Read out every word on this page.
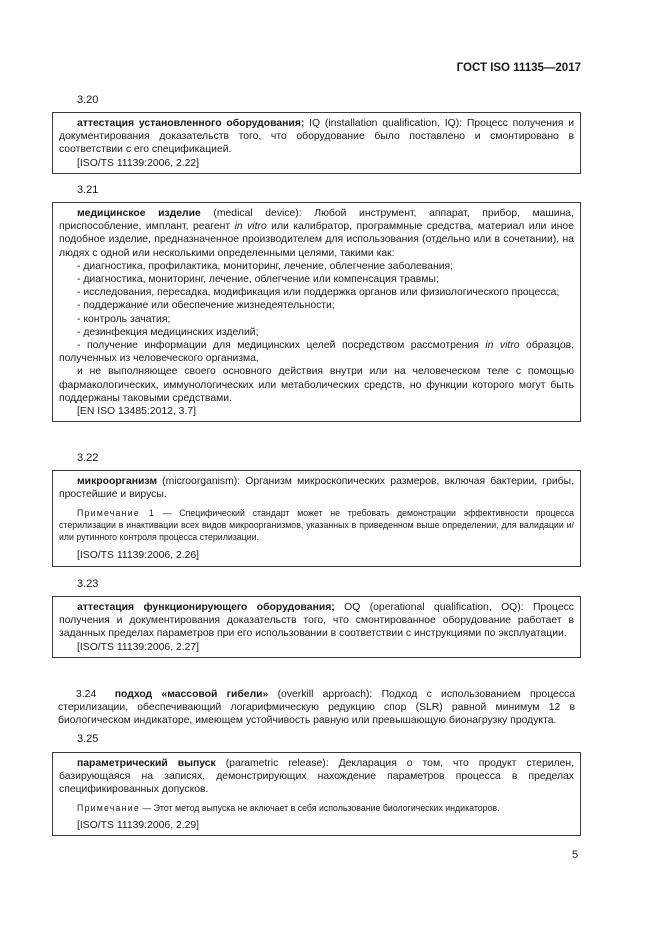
ГОСТ ISO 11135—2017
3.20

аттестация установленного оборудования; IQ (installation qualification, IQ): Процесс получения и документирования доказательств того, что оборудование было поставлено и смонтировано в соответствии с его спецификацией.

[ISO/TS 11139:2006, 2.22]

3.21

медицинское изделие (medical device): Любой инструмент, аппарат, прибор, машина, приспособление, имплант, реагент in vitro или калибратор, программные средства, материал или иное подобное изделие, предназначенное производителем для использования (отдельно или в сочетании), на людях с одной или несколькими определенными целями, такими как:

- диагностика, профилактика, мониторинг, лечение, облегчение заболевания;

- диагностика, мониторинг, лечение, облегчение или компенсация травмы;

- исследования, пересадка, модификация или поддержка органов или физиологического процесса;

- поддержание или обеспечение жизнедеятельности;

- контроль зачатия;

- дезинфекция медицинских изделий;

- получение информации для медицинских целей посредством рассмотрения in vitro образцов, полученных из человеческого организма,

и не выполняющее своего основного действия внутри или на человеческом теле с помощью фармакологических, иммунологических или метаболических средств, но функции которого могут быть поддержаны таковыми средствами.

[EN ISO 13485:2012, 3.7]

3.22

микроорганизм (microorganism): Организм микроскопических размеров, включая бактерии, грибы, простейшие и вирусы.

Примечание 1 — Специфический стандарт может не требовать демонстрации эффективности процесса стерилизации в инактивации всех видов микроорганизмов, указанных в приведенном выше определении, для валидации и/или рутинного контроля процесса стерилизации.

[ISO/TS 11139:2006, 2.26]

3.23

аттестация функционирующего оборудования; OQ (operational qualification, OQ): Процесс получения и документирования доказательств того, что смонтированное оборудование работает в заданных пределах параметров при его использовании в соответствии с инструкциями по эксплуатации.

[ISO/TS 11139:2006, 2.27]

3.24 подход «массовой гибели» (overkill approach): Подход с использованием процесса стерилизации, обеспечивающий логарифмическую редукцию спор (SLR) равной минимум 12 в биологическом индикаторе, имеющем устойчивость равную или превышающую бионагрузку продукта.

3.25

параметрический выпуск (parametric release): Декларация о том, что продукт стерилен, базирующаяся на записях, демонстрирующих нахождение параметров процесса в пределах спецификированных допусков.

Примечание — Этот метод выпуска не включает в себя использование биологических индикаторов.

[ISO/TS 11139:2006, 2.29]

5
